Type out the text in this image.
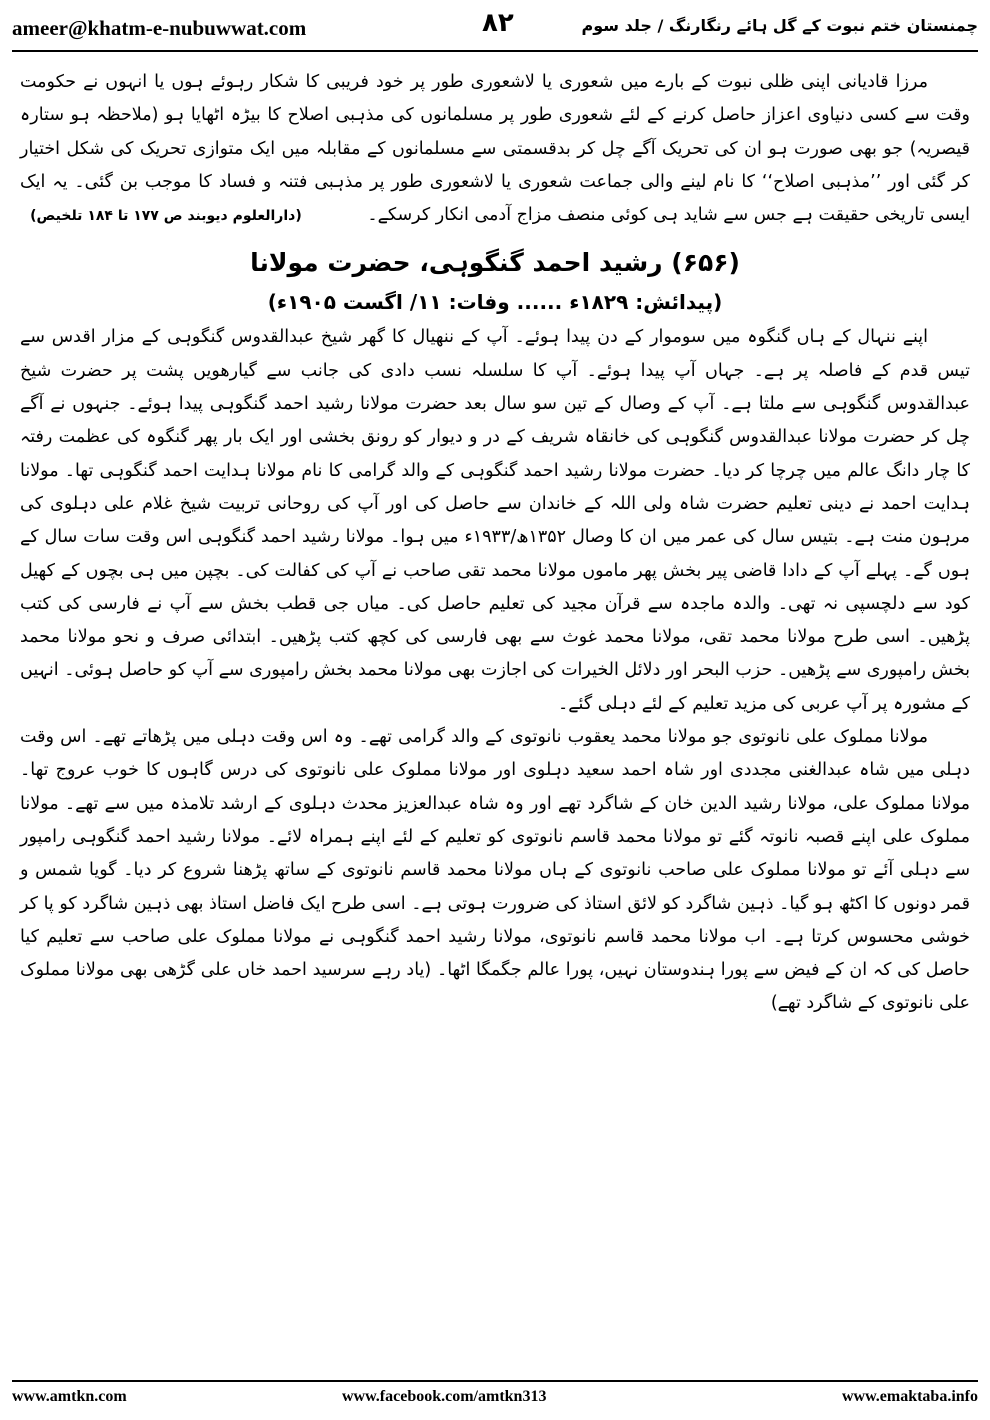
ameer@khatm-e-nubuwwat.com	۸۲	چمنستان ختم نبوت کے گل ہائے رنگارنگ / جلد سوم

مرزا قادیانی اپنی ظلی نبوت کے بارے میں شعوری یا لاشعوری طور پر خود فریبی کا شکار رہوئے ہوں یا انہوں نے حکومت وقت سے کسی دنیاوی اعزاز حاصل کرنے کے لئے شعوری طور پر مسلمانوں کی مذہبی اصلاح کا بیڑہ اٹھایا ہو (ملاحظہ ہو ستارہ قیصریہ) جو بھی صورت ہو ان کی تحریک آگے چل کر بدقسمتی سے مسلمانوں کے مقابلہ میں ایک متوازی تحریک کی شکل اختیار کر گئی اور ’’مذہبی اصلاح‘‘ کا نام لینے والی جماعت شعوری یا لاشعوری طور پر مذہبی فتنہ و فساد کا موجب بن گئی۔ یہ ایک ایسی تاریخی حقیقت ہے جس سے شاید ہی کوئی منصف مزاج آدمی انکار کرسکے۔ (دارالعلوم دیوبند ص ۱۷۷ تا ۱۸۴ تلخیص)

(۶۵۶) رشید احمد گنگوہی، حضرت مولانا
(پیدائش: ۱۸۲۹ء ...... وفات: ۱۱/ اگست ۱۹۰۵ء)

اپنے ننہال کے ہاں گنگوہ میں سوموار کے دن پیدا ہوئے۔ آپ کے ننھیال کا گھر شیخ عبدالقدوس گنگوہی کے مزار اقدس سے تیس قدم کے فاصلہ پر ہے۔ جہاں آپ پیدا ہوئے۔ آپ کا سلسلہ نسب دادی کی جانب سے گیارھویں پشت پر حضرت شیخ عبدالقدوس گنگوہی سے ملتا ہے۔ آپ کے وصال کے تین سو سال بعد حضرت مولانا رشید احمد گنگوہی پیدا ہوئے۔ جنہوں نے آگے چل کر حضرت مولانا عبدالقدوس گنگوہی کی خانقاہ شریف کے در و دیوار کو رونق بخشی اور ایک بار پھر گنگوہ کی عظمت رفتہ کا چار دانگ عالم میں چرچا کر دیا۔ حضرت مولانا رشید احمد گنگوہی کے والد گرامی کا نام مولانا ہدایت احمد گنگوہی تھا۔ مولانا ہدایت احمد نے دینی تعلیم حضرت شاہ ولی اللہ کے خاندان سے حاصل کی اور آپ کی روحانی تربیت شیخ غلام علی دہلوی کی مرہون منت ہے۔ بتیس سال کی عمر میں ان کا وصال ۱۳۵۲ھ/۱۹۳۳ء میں ہوا۔ مولانا رشید احمد گنگوہی اس وقت سات سال کے ہوں گے۔ پہلے آپ کے دادا قاضی پیر بخش پھر ماموں مولانا محمد تقی صاحب نے آپ کی کفالت کی۔ بچپن میں ہی بچوں کے کھیل کود سے دلچسپی نہ تھی۔ والدہ ماجدہ سے قرآن مجید کی تعلیم حاصل کی۔ میاں جی قطب بخش سے آپ نے فارسی کی کتب پڑھیں۔ اسی طرح مولانا محمد تقی، مولانا محمد غوث سے بھی فارسی کی کچھ کتب پڑھیں۔ ابتدائی صرف و نحو مولانا محمد بخش رامپوری سے پڑھیں۔ حزب البحر اور دلائل الخیرات کی اجازت بھی مولانا محمد بخش رامپوری سے آپ کو حاصل ہوئی۔ انہیں کے مشورہ پر آپ عربی کی مزید تعلیم کے لئے دہلی گئے۔

مولانا مملوک علی نانوتوی جو مولانا محمد یعقوب نانوتوی کے والد گرامی تھے۔ وہ اس وقت دہلی میں پڑھاتے تھے۔ اس وقت دہلی میں شاہ عبدالغنی مجددی اور شاہ احمد سعید دہلوی اور مولانا مملوک علی نانوتوی کی درس گاہوں کا خوب عروج تھا۔ مولانا مملوک علی، مولانا رشید الدین خان کے شاگرد تھے اور وہ شاہ عبدالعزیز محدث دہلوی کے ارشد تلامذہ میں سے تھے۔ مولانا مملوک علی اپنے قصبہ نانوتہ گئے تو مولانا محمد قاسم نانوتوی کو تعلیم کے لئے اپنے ہمراہ لائے۔ مولانا رشید احمد گنگوہی رامپور سے دہلی آئے تو مولانا مملوک علی صاحب نانوتوی کے ہاں مولانا محمد قاسم نانوتوی کے ساتھ پڑھنا شروع کر دیا۔ گویا شمس و قمر دونوں کا اکٹھ ہو گیا۔ ذہین شاگرد کو لائق استاذ کی ضرورت ہوتی ہے۔ اسی طرح ایک فاضل استاذ بھی ذہین شاگرد کو پا کر خوشی محسوس کرتا ہے۔ اب مولانا محمد قاسم نانوتوی، مولانا رشید احمد گنگوہی نے مولانا مملوک علی صاحب سے تعلیم کیا حاصل کی کہ ان کے فیض سے پورا ہندوستان نہیں، پورا عالم جگمگا اٹھا۔ (یاد رہے سرسید احمد خاں علی گڑھی بھی مولانا مملوک علی نانوتوی کے شاگرد تھے)

www.amtkn.com	www.facebook.com/amtkn313	www.emaktaba.info
